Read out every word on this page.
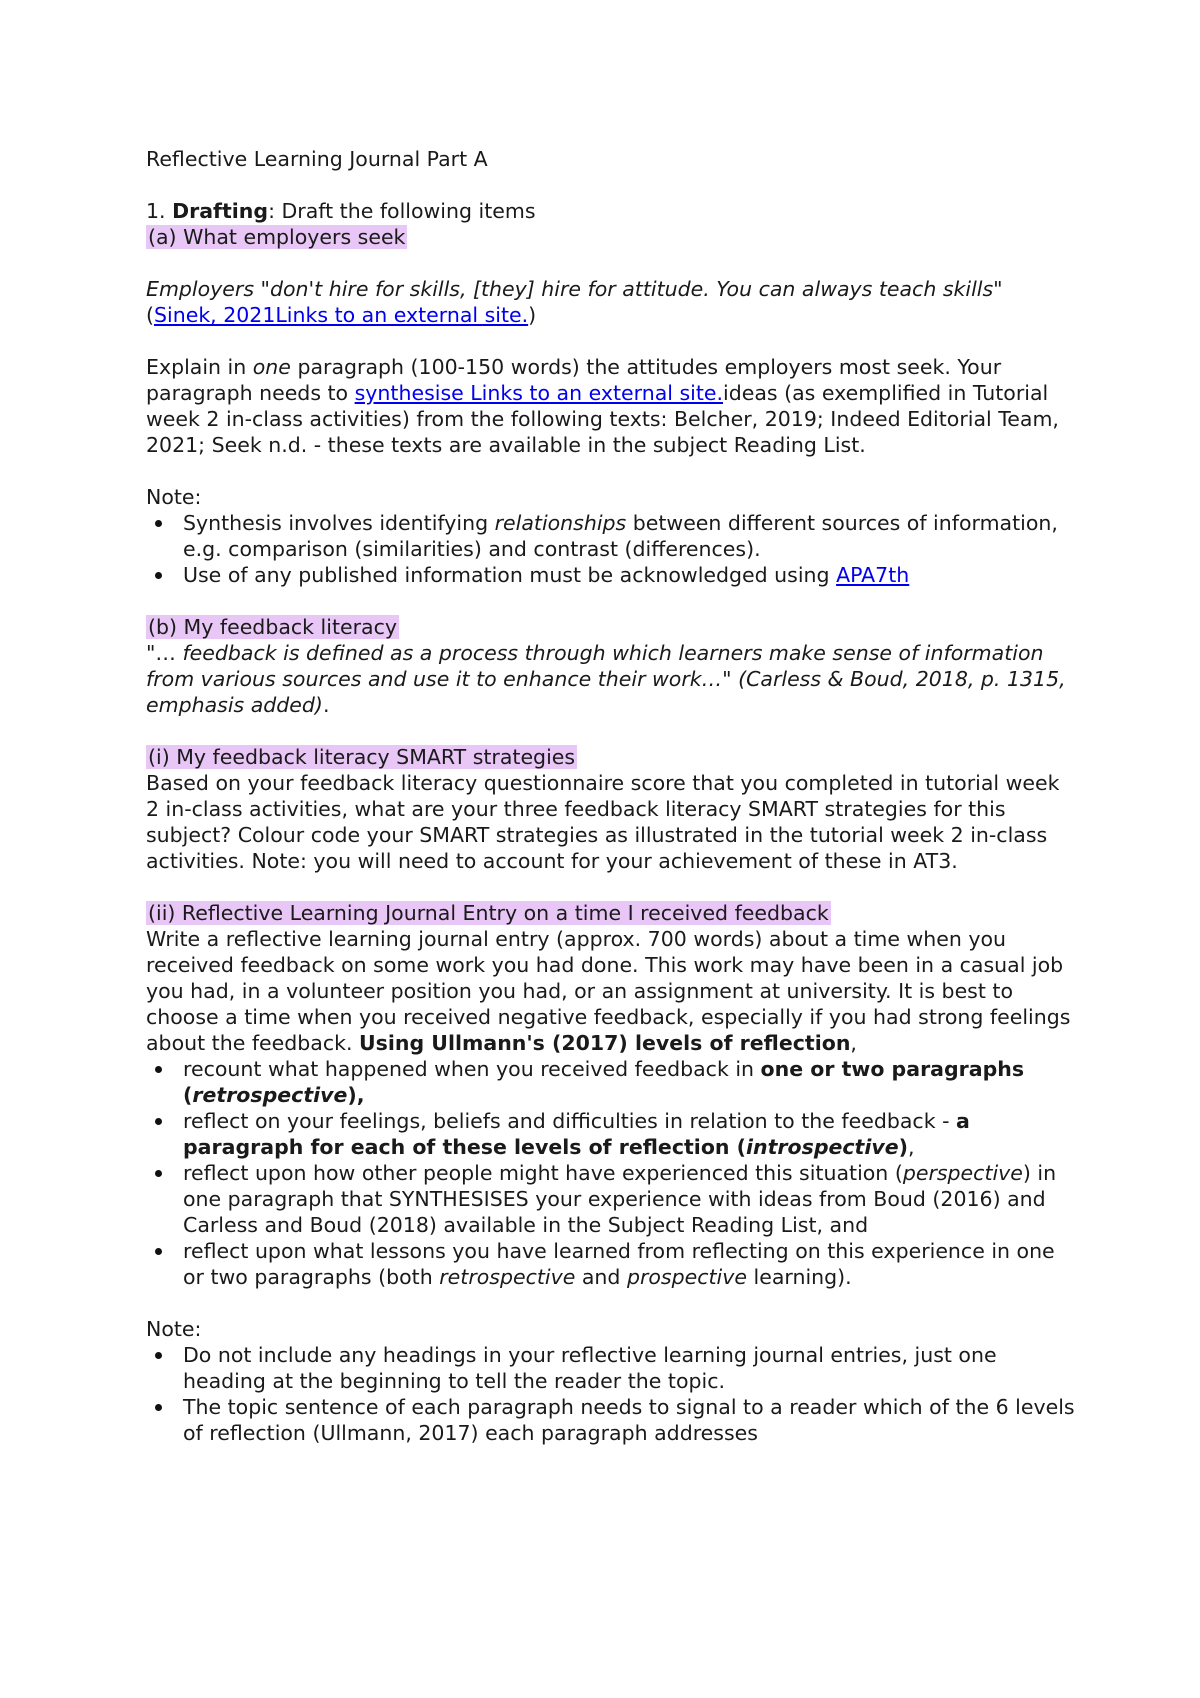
Reflective Learning Journal Part A

1. Drafting: Draft the following items

(a) What employers seek

Employers "don't hire for skills, [they] hire for attitude. You can always teach skills" (Sinek, 2021Links to an external site.)

Explain in one paragraph (100-150 words) the attitudes employers most seek. Your paragraph needs to synthesise Links to an external site.ideas (as exemplified in Tutorial week 2 in-class activities) from the following texts: Belcher, 2019; Indeed Editorial Team, 2021; Seek n.d. - these texts are available in the subject Reading List.

Note:

Synthesis involves identifying relationships between different sources of information, e.g. comparison (similarities) and contrast (differences).
Use of any published information must be acknowledged using APA7th

(b) My feedback literacy

"… feedback is defined as a process through which learners make sense of information from various sources and use it to enhance their work…" (Carless & Boud, 2018, p. 1315, emphasis added).

(i) My feedback literacy SMART strategies

Based on your feedback literacy questionnaire score that you completed in tutorial week 2 in-class activities, what are your three feedback literacy SMART strategies for this subject? Colour code your SMART strategies as illustrated in the tutorial week 2 in-class activities. Note: you will need to account for your achievement of these in AT3.

(ii) Reflective Learning Journal Entry on a time I received feedback

Write a reflective learning journal entry (approx. 700 words) about a time when you received feedback on some work you had done. This work may have been in a casual job you had, in a volunteer position you had, or an assignment at university. It is best to choose a time when you received negative feedback, especially if you had strong feelings about the feedback. Using Ullmann's (2017) levels of reflection,

recount what happened when you received feedback in one or two paragraphs (retrospective),
reflect on your feelings, beliefs and difficulties in relation to the feedback - a paragraph for each of these levels of reflection (introspective),
reflect upon how other people might have experienced this situation (perspective) in one paragraph that SYNTHESISES your experience with ideas from Boud (2016) and Carless and Boud (2018) available in the Subject Reading List, and
reflect upon what lessons you have learned from reflecting on this experience in one or two paragraphs (both retrospective and prospective learning).

Note:

Do not include any headings in your reflective learning journal entries, just one heading at the beginning to tell the reader the topic.
The topic sentence of each paragraph needs to signal to a reader which of the 6 levels of reflection (Ullmann, 2017) each paragraph addresses
